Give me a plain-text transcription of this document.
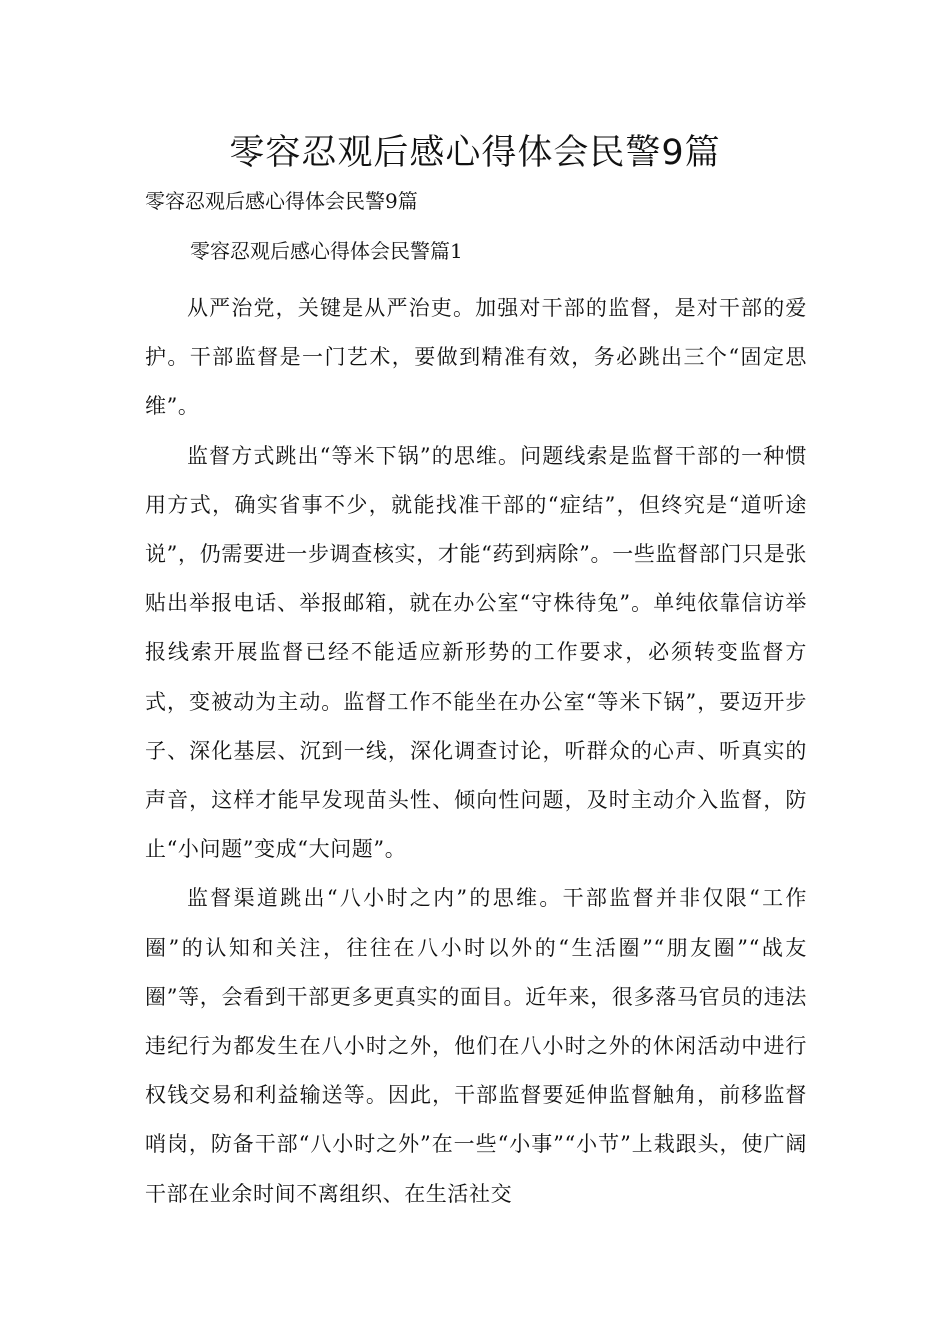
零容忍观后感心得体会民警9篇

零容忍观后感心得体会民警9篇

零容忍观后感心得体会民警篇1

从严治党，关键是从严治吏。加强对干部的监督，是对干部的爱护。干部监督是一门艺术，要做到精准有效，务必跳出三个“固定思维”。

监督方式跳出“等米下锅”的思维。问题线索是监督干部的一种惯用方式，确实省事不少，就能找准干部的“症结”，但终究是“道听途说”，仍需要进一步调查核实，才能“药到病除”。一些监督部门只是张贴出举报电话、举报邮箱，就在办公室“守株待兔”。单纯依靠信访举报线索开展监督已经不能适应新形势的工作要求，必须转变监督方式，变被动为主动。监督工作不能坐在办公室“等米下锅”，要迈开步子、深化基层、沉到一线，深化调查讨论，听群众的心声、听真实的声音，这样才能早发现苗头性、倾向性问题，及时主动介入监督，防止“小问题”变成“大问题”。

监督渠道跳出“八小时之内”的思维。干部监督并非仅限“工作圈”的认知和关注，往往在八小时以外的“生活圈”“朋友圈”“战友圈”等，会看到干部更多更真实的面目。近年来，很多落马官员的违法违纪行为都发生在八小时之外，他们在八小时之外的休闲活动中进行权钱交易和利益输送等。因此，干部监督要延伸监督触角，前移监督哨岗，防备干部“八小时之外”在一些“小事”“小节”上栽跟头，使广阔干部在业余时间不离组织、在生活社交
